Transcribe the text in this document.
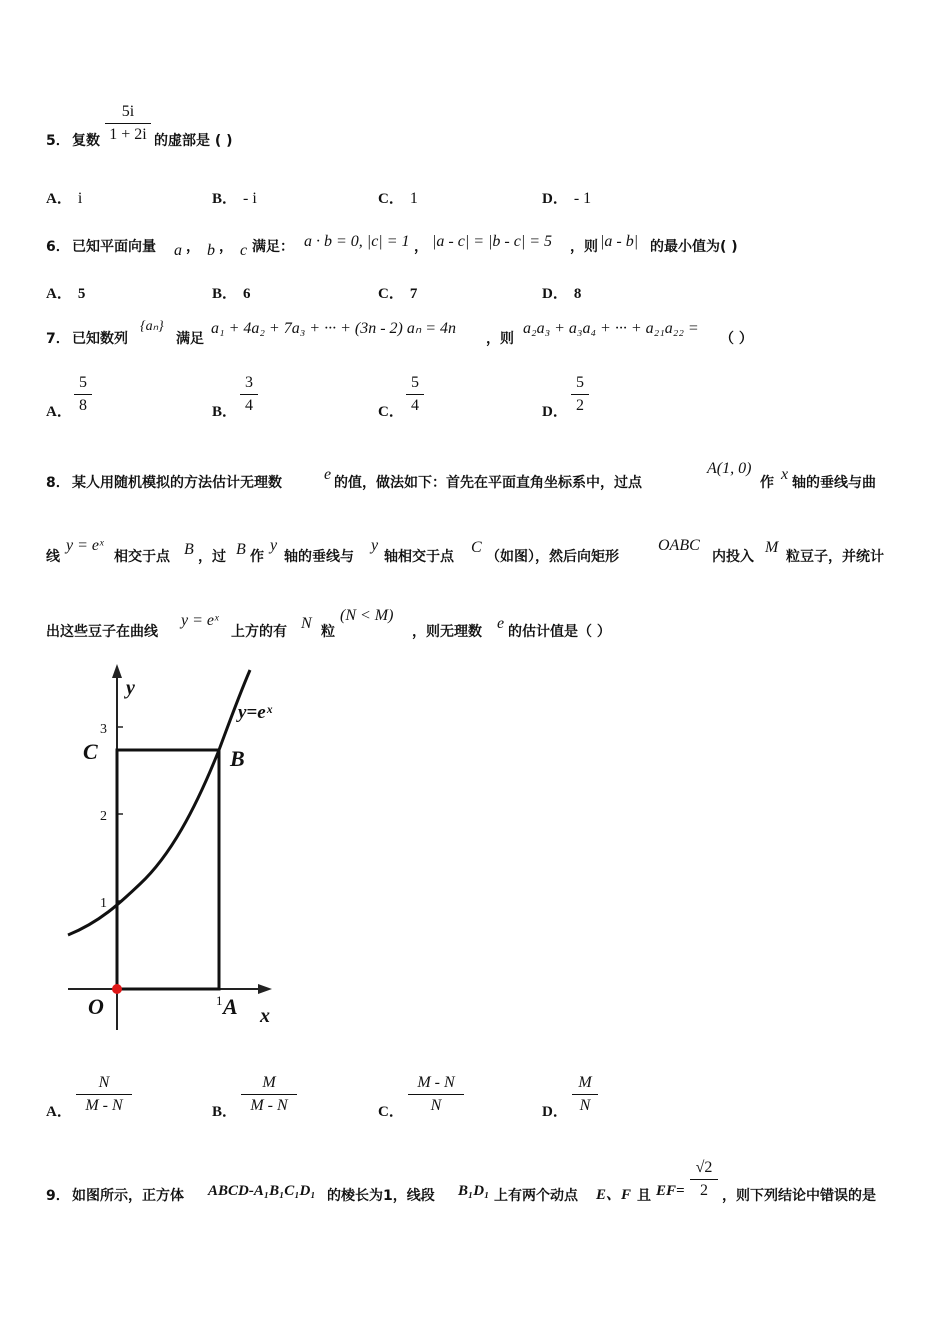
5． 复数
5i
1 + 2i 的虚部是 ( )
A． i	B． - i	C． 1	D． - 1
6． 已知平面向量 a ， b ， c 满足： a · b = 0, |c| = 1 ， |a - c| = |b - c| = 5 ，则 |a - b| 的最小值为( )
A． 5	B． 6	C． 7	D． 8
7． 已知数列
{aₙ}
满足
a₁ + 4a₂ + 7a₃ + ··· + (3n - 2) aₙ = 4n
，则
a₂a₃ + a₃a₄ + ··· + a₂₁a₂₂ =
（ ）
A．
5
8	B．
3
4	C．
5
4	D．
5
2
8． 某人用随机模拟的方法估计无理数	e 的值，做法如下：首先在平面直角坐标系中，过点
A(1, 0)
作 x 轴的垂线与曲
线
y = eˣ
相交于点 B ，过 B 作
y
轴的垂线与
y
轴相交于点
C
（如图），然后向矩形
OABC
内投入
M
粒豆子，并统计
出这些豆子在曲线
y = eˣ
上方的有 N 粒
(N < M)
，则无理数 e 的估计值是（ ）
y
x
3
2
1
1
C	B
O	A
y=eˣ
A．
N
M - N	B．
M
M - N	C．
M - N
N	D．
M
N
9． 如图所示，正方体 ABCD-A₁B₁C₁D₁ 的棱长为1，线段 B₁D₁ 上有两个动点 E、F 且 EF=
√2
2	，则下列结论中错误的是
